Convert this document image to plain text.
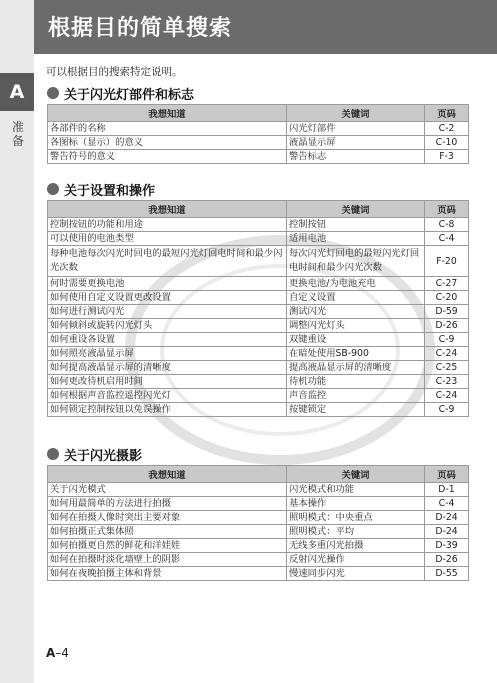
A
准备
根据目的简单搜索
可以根据目的搜索特定说明。
关于闪光灯部件和标志
我想知道	关键词	页码
各部件的名称	闪光灯部件	C-2
各图标（显示）的意义	液晶显示屏	C-10
警告符号的意义	警告标志	F-3
关于设置和操作
我想知道	关键词	页码
控制按钮的功能和用途	控制按钮	C-8
可以使用的电池类型	适用电池	C-4
每种电池每次闪光时回电的最短闪光灯回电时间和最少闪光次数	每次闪光灯回电的最短闪光灯回电时间和最少闪光次数	F-20
何时需要更换电池	更换电池/为电池充电	C-27
如何使用自定义设置更改设置	自定义设置	C-20
如何进行测试闪光	测试闪光	D-59
如何倾斜或旋转闪光灯头	调整闪光灯头	D-26
如何重设各设置	双键重设	C-9
如何照亮液晶显示屏	在暗处使用SB-900	C-24
如何提高液晶显示屏的清晰度	提高液晶显示屏的清晰度	C-25
如何更改待机启用时间	待机功能	C-23
如何根据声音监控遥控闪光灯	声音监控	C-24
如何锁定控制按钮以免误操作	按键锁定	C-9
关于闪光摄影
我想知道	关键词	页码
关于闪光模式	闪光模式和功能	D-1
如何用最简单的方法进行拍摄	基本操作	C-4
如何在拍摄人像时突出主要对象	照明模式：中央重点	D-24
如何拍摄正式集体照	照明模式：平均	D-24
如何拍摄更自然的鲜花和洋娃娃	无线多重闪光拍摄	D-39
如何在拍摄时淡化墙壁上的阴影	反射闪光操作	D-26
如何在夜晚拍摄主体和背景	慢速同步闪光	D-55
A–4
